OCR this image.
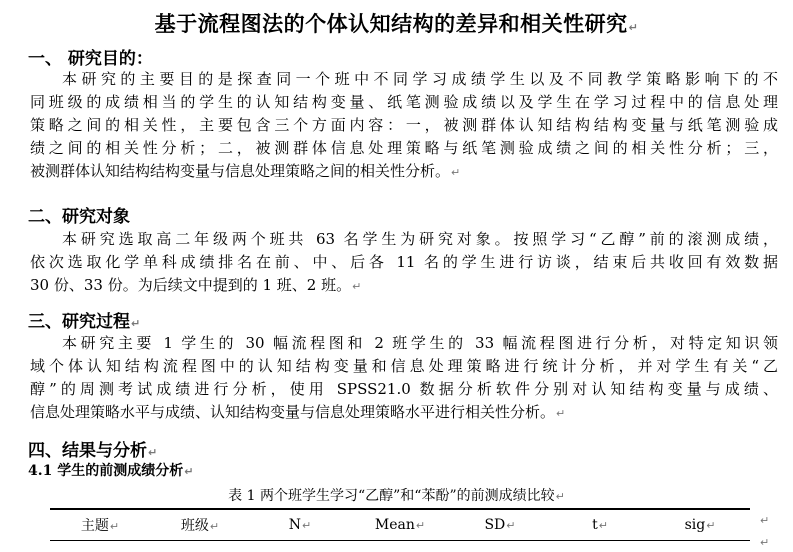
基于流程图法的个体认知结构的差异和相关性研究↵
一、 研究目的：
本研究的主要目的是探查同一个班中不同学习成绩学生以及不同教学策略影响下的不
同班级的成绩相当的学生的认知结构变量、纸笔测验成绩以及学生在学习过程中的信息处理
策略之间的相关性，主要包含三个方面内容：一，被测群体认知结构结构变量与纸笔测验成
绩之间的相关性分析；二，被测群体信息处理策略与纸笔测验成绩之间的相关性分析；三，
被测群体认知结构结构变量与信息处理策略之间的相关性分析。↵
二、研究对象
本研究选取高二年级两个班共 63 名学生为研究对象。按照学习“乙醇”前的滚测成绩，
依次选取化学单科成绩排名在前、中、后各 11 名的学生进行访谈，结束后共收回有效数据
30 份、33 份。为后续文中提到的 1 班、2 班。↵
三、研究过程↵
本研究主要 1 学生的 30 幅流程图和 2 班学生的 33 幅流程图进行分析，对特定知识领
域个体认知结构流程图中的认知结构变量和信息处理策略进行统计分析，并对学生有关“乙
醇”的周测考试成绩进行分析，使用 SPSS21.0 数据分析软件分别对认知结构变量与成绩、
信息处理策略水平与成绩、认知结构变量与信息处理策略水平进行相关性分析。↵
四、结果与分析↵
4.1 学生的前测成绩分析↵
表 1 两个班学生学习“乙醇”和“苯酚”的前测成绩比较↵
主题↵	班级↵	N↵	Mean↵	SD↵	t↵	sig↵	↵
↵
